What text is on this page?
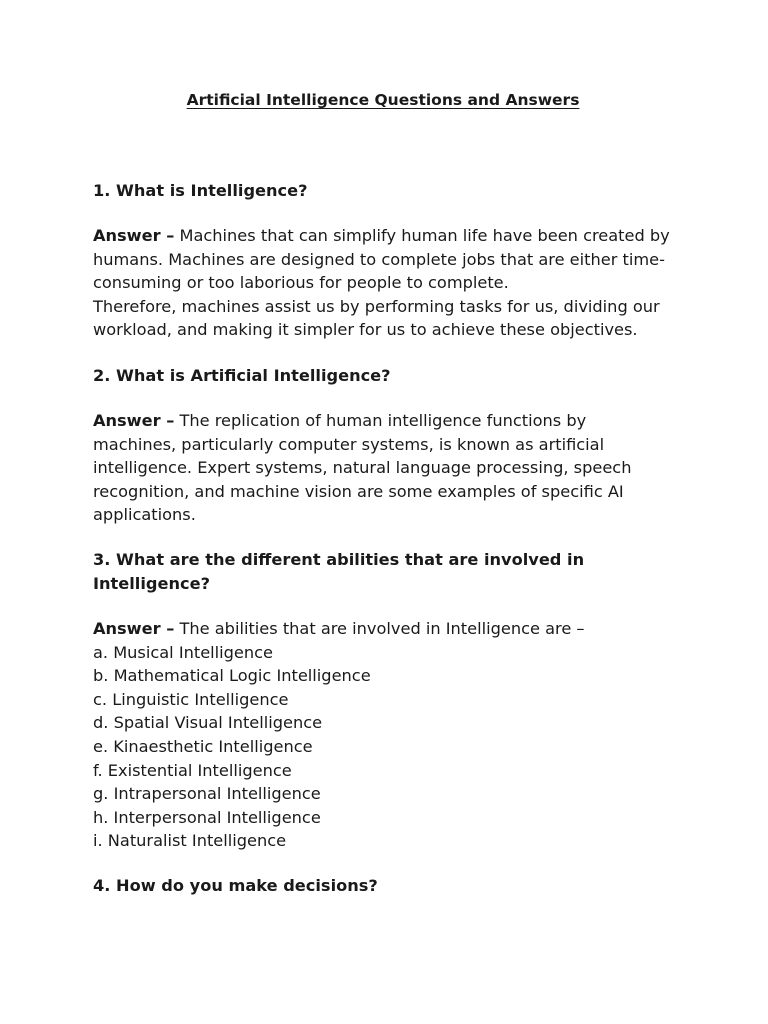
Artificial Intelligence Questions and Answers
1. What is Intelligence?
Answer – Machines that can simplify human life have been created by
humans. Machines are designed to complete jobs that are either time-
consuming or too laborious for people to complete.
Therefore, machines assist us by performing tasks for us, dividing our
workload, and making it simpler for us to achieve these objectives.
2. What is Artificial Intelligence?
Answer – The replication of human intelligence functions by
machines, particularly computer systems, is known as artificial
intelligence. Expert systems, natural language processing, speech
recognition, and machine vision are some examples of specific AI
applications.
3. What are the different abilities that are involved in
Intelligence?
Answer – The abilities that are involved in Intelligence are –
a. Musical Intelligence
b. Mathematical Logic Intelligence
c. Linguistic Intelligence
d. Spatial Visual Intelligence
e. Kinaesthetic Intelligence
f. Existential Intelligence
g. Intrapersonal Intelligence
h. Interpersonal Intelligence
i. Naturalist Intelligence
4. How do you make decisions?
